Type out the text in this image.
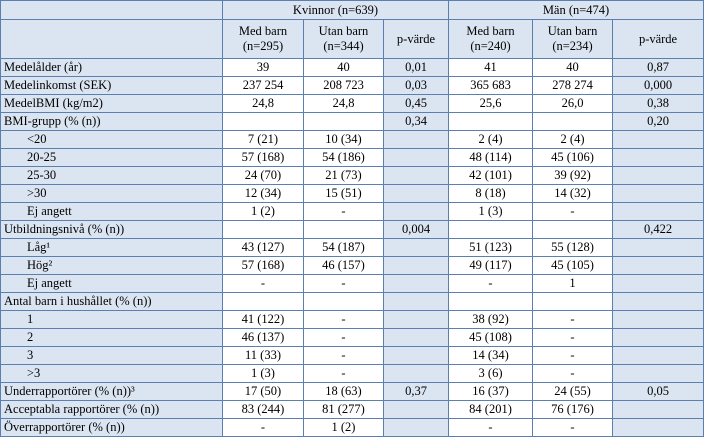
	Kvinnor (n=639)			Män (n=474)		
	Med barn (n=295)	Utan barn (n=344)	p-värde	Med barn (n=240)	Utan barn (n=234)	p-värde
Medelålder (år)	39	40	0,01	41	40	0,87
Medelinkomst (SEK)	237 254	208 723	0,03	365 683	278 274	0,000
MedelBMI (kg/m2)	24,8	24,8	0,45	25,6	26,0	0,38
BMI-grupp (% (n))			0,34			0,20
<20	7 (21)	10 (34)		2 (4)	2 (4)	
20-25	57 (168)	54 (186)		48 (114)	45 (106)	
25-30	24 (70)	21 (73)		42 (101)	39 (92)	
>30	12 (34)	15 (51)		8 (18)	14 (32)	
Ej angett	1 (2)	-		1 (3)	-	
Utbildningsnivå (% (n))			0,004			0,422
Låg¹	43 (127)	54 (187)		51 (123)	55 (128)	
Hög²	57 (168)	46 (157)		49 (117)	45 (105)	
Ej angett	-	-		-	1	
Antal barn i hushållet (% (n))						
1	41 (122)	-		38 (92)	-	
2	46 (137)	-		45 (108)	-	
3	11 (33)	-		14 (34)	-	
>3	1 (3)	-		3 (6)	-	
Underrapportörer (% (n))³	17 (50)	18 (63)	0,37	16 (37)	24 (55)	0,05
Acceptabla rapportörer (% (n))	83 (244)	81 (277)		84 (201)	76 (176)	
Överrapportörer (% (n))	-	1 (2)		-	-	
